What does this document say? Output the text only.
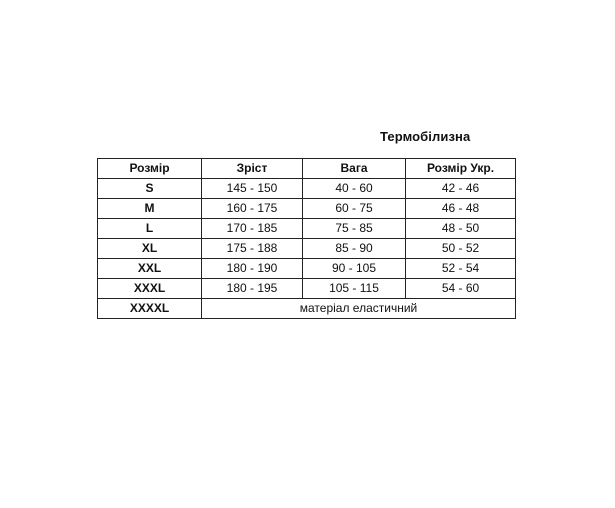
Термобілизна
Розмір	Зріст	Вага	Розмір Укр.
S	145 - 150	40 - 60	42 - 46
M	160 - 175	60 - 75	46 - 48
L	170 - 185	75 - 85	48 - 50
XL	175 - 188	85 - 90	50 - 52
XXL	180 - 190	90 - 105	52 - 54
XXXL	180 - 195	105 - 115	54 - 60
XXXXL	матеріал еластичний		
